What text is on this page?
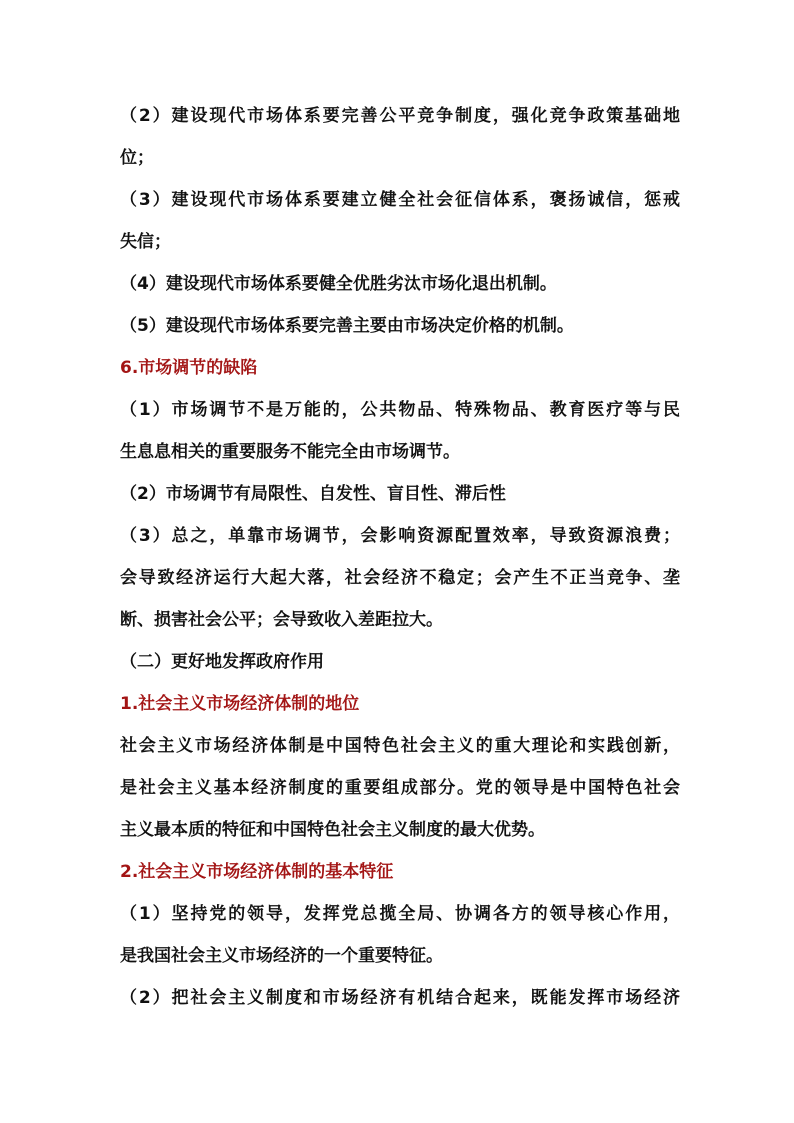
（2）建设现代市场体系要完善公平竞争制度，强化竞争政策基础地
位；
（3）建设现代市场体系要建立健全社会征信体系，褒扬诚信，惩戒
失信；
（4）建设现代市场体系要健全优胜劣汰市场化退出机制。
（5）建设现代市场体系要完善主要由市场决定价格的机制。
6.市场调节的缺陷
（1）市场调节不是万能的，公共物品、特殊物品、教育医疗等与民
生息息相关的重要服务不能完全由市场调节。
（2）市场调节有局限性、自发性、盲目性、滞后性
（3）总之，单靠市场调节，会影响资源配置效率，导致资源浪费；
会导致经济运行大起大落，社会经济不稳定；会产生不正当竞争、垄
断、损害社会公平；会导致收入差距拉大。
（二）更好地发挥政府作用
1.社会主义市场经济体制的地位
社会主义市场经济体制是中国特色社会主义的重大理论和实践创新，
是社会主义基本经济制度的重要组成部分。党的领导是中国特色社会
主义最本质的特征和中国特色社会主义制度的最大优势。
2.社会主义市场经济体制的基本特征
（1）坚持党的领导，发挥党总揽全局、协调各方的领导核心作用，
是我国社会主义市场经济的一个重要特征。
（2）把社会主义制度和市场经济有机结合起来，既能发挥市场经济
